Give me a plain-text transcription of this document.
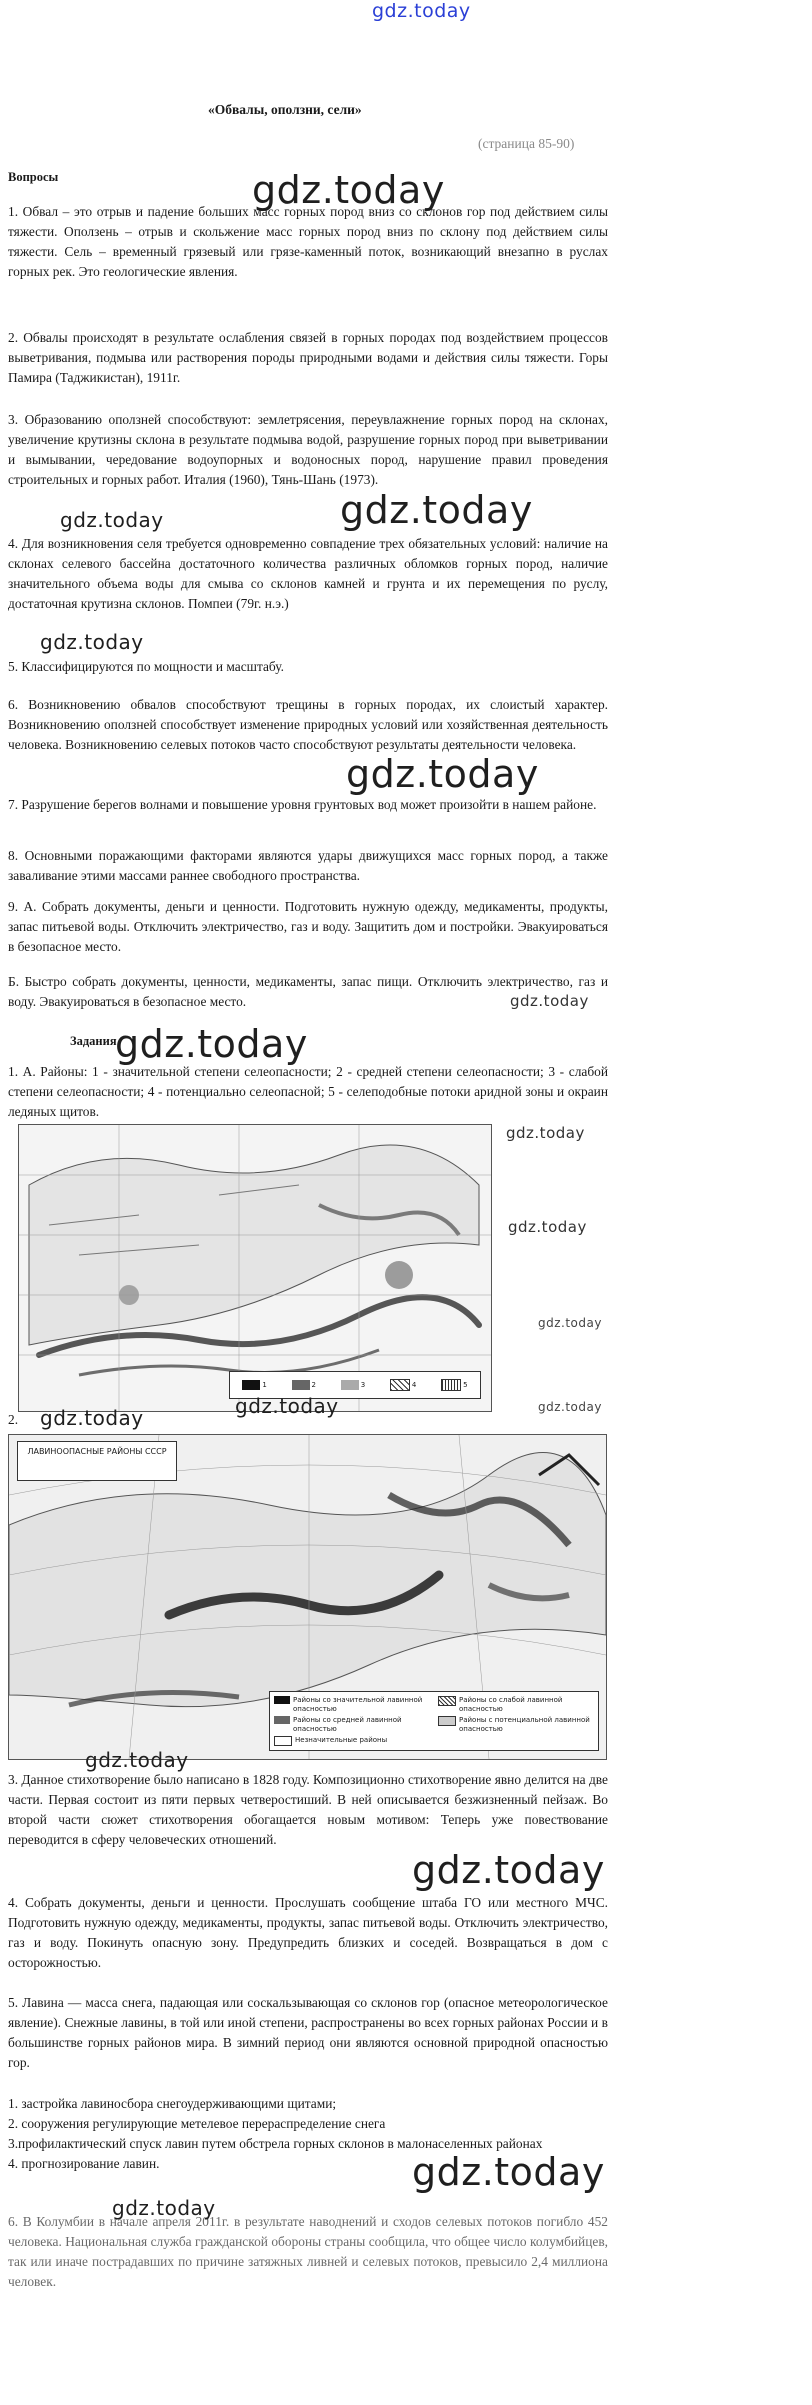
gdz.today
«Обвалы, оползни, сели»
(страница 85-90)
Вопросы

1. Обвал – это отрыв и падение больших масс горных пород вниз со склонов гор под действием силы тяжести. Оползень – отрыв и скольжение масс горных пород вниз по склону под действием силы тяжести. Сель – временный грязевый или грязе-каменный поток, возникающий внезапно в руслах горных рек. Это геологические явления.

2. Обвалы происходят в результате ослабления связей в горных породах под воздействием процессов выветривания, подмыва или растворения породы природными водами и действия силы тяжести. Горы Памира (Таджикистан), 1911г.

3. Образованию оползней способствуют: землетрясения, переувлажнение горных пород на склонах, увеличение крутизны склона в результате подмыва водой, разрушение горных пород при выветривании и вымывании, чередование водоупорных и водоносных пород, нарушение правил проведения строительных и горных работ. Италия (1960), Тянь-Шань (1973).

4. Для возникновения селя требуется одновременно совпадение трех обязательных условий: наличие на склонах селевого бассейна достаточного количества различных обломков горных пород, наличие значительного объема воды для смыва со склонов камней и грунта и их перемещения по руслу, достаточная крутизна склонов. Помпеи (79г. н.э.)

5. Классифицируются по мощности и масштабу.

6. Возникновению обвалов способствуют трещины в горных породах, их слоистый характер. Возникновению оползней способствует изменение природных условий или хозяйственная деятельность человека. Возникновению селевых потоков часто способствуют результаты деятельности человека.

7. Разрушение берегов волнами и повышение уровня грунтовых вод может произойти в нашем районе.

8. Основными поражающими факторами являются удары движущихся масс горных пород, а также заваливание этими массами раннее свободного пространства.

9. А. Собрать документы, деньги и ценности. Подготовить нужную одежду, медикаменты, продукты, запас питьевой воды. Отключить электричество, газ и воду. Защитить дом и постройки. Эвакуироваться в безопасное место.

Б. Быстро собрать документы, ценности, медикаменты, запас пищи. Отключить электричество, газ и воду. Эвакуироваться в безопасное место.

Задания

1. А. Районы: 1 - значительной степени селеопасности; 2 - средней степени селеопасности; 3 - слабой степени селеопасности; 4 - потенциально селеопасной; 5 - селеподобные потоки аридной зоны и окраин ледяных щитов.

1	2	3	4	5
2.
ЛАВИНООПАСНЫЕ РАЙОНЫ СССР
Районы со значительной лавинной опасностью
Районы со слабой лавинной опасностью
Районы со средней лавинной опасностью
Районы с потенциальной лавинной опасностью
Незначительные районы

3. Данное стихотворение было написано в 1828 году. Композиционно стихотворение явно делится на две части. Первая состоит из пяти первых четверостиший. В ней описывается безжизненный пейзаж. Во второй части сюжет стихотворения обогащается новым мотивом: Теперь уже повествование переводится в сферу человеческих отношений.

4. Собрать документы, деньги и ценности. Прослушать сообщение штаба ГО или местного МЧС. Подготовить нужную одежду, медикаменты, продукты, запас питьевой воды. Отключить электричество, газ и воду. Покинуть опасную зону. Предупредить близких и соседей. Возвращаться в дом с осторожностью.

5. Лавина — масса снега, падающая или соскальзывающая со склонов гор (опасное метеорологическое явление). Снежные лавины, в той или иной степени, распространены во всех горных районах России и в большинстве горных районов мира. В зимний период они являются основной природной опасностью гор.

1. застройка лавиносбора снегоудерживающими щитами;
2. сооружения регулирующие метелевое перераспределение снега
3.профилактический спуск лавин путем обстрела горных склонов в малонаселенных районах
4. прогнозирование лавин.

6. В Колумбии в начале апреля 2011г. в результате наводнений и сходов селевых потоков погибло 452 человека. Национальная служба гражданской обороны страны сообщила, что общее число колумбийцев, так или иначе пострадавших по причине затяжных ливней и селевых потоков, превысило 2,4 миллиона человек.

gdz.today
gdz.today
gdz.today
gdz.today
gdz.today
gdz.today
gdz.today
gdz.today
gdz.today
gdz.today
gdz.today
gdz.today	gdz.today
gdz.today
gdz.today
gdz.today
gdz.today
